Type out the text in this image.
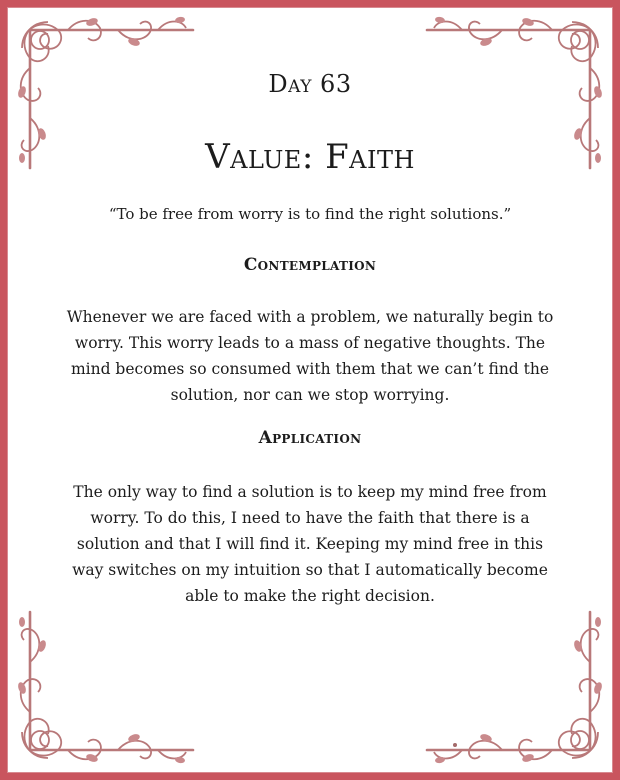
Day 63
Value: Faith
“To be free from worry is to find the right solutions.”
Contemplation
Whenever we are faced with a problem, we naturally begin to
worry. This worry leads to a mass of negative thoughts. The
mind becomes so consumed with them that we can’t find the
solution, nor can we stop worrying.
Application
The only way to find a solution is to keep my mind free from
worry. To do this, I need to have the faith that there is a
solution and that I will find it. Keeping my mind free in this
way switches on my intuition so that I automatically become
able to make the right decision.
